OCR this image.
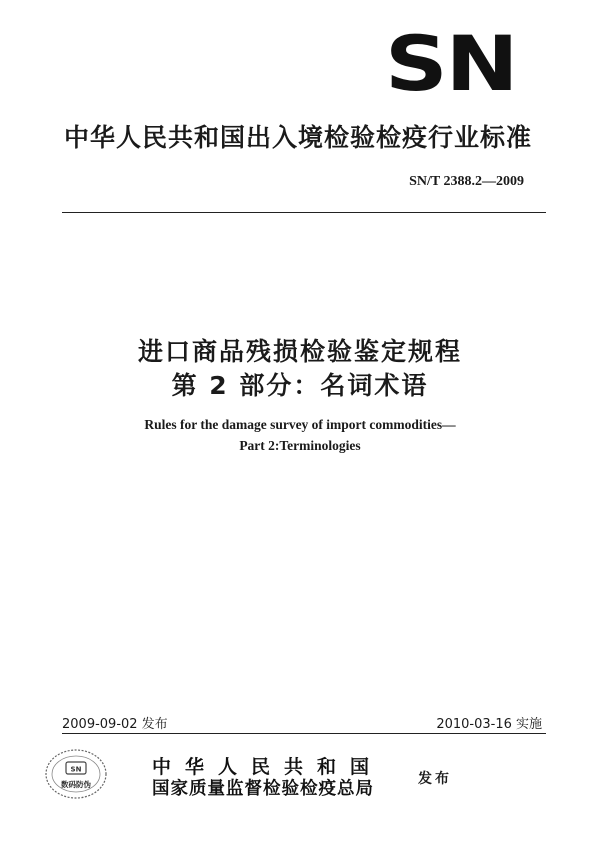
SN
中华人民共和国出入境检验检疫行业标准
SN/T 2388.2—2009
进口商品残损检验鉴定规程
第 2 部分：名词术语
Rules for the damage survey of import commodities—
Part 2:Terminologies
2009-09-02 发布	2010-03-16 实施
SN
数码防伪
中华人民共和国
国家质量监督检验检疫总局	发布
